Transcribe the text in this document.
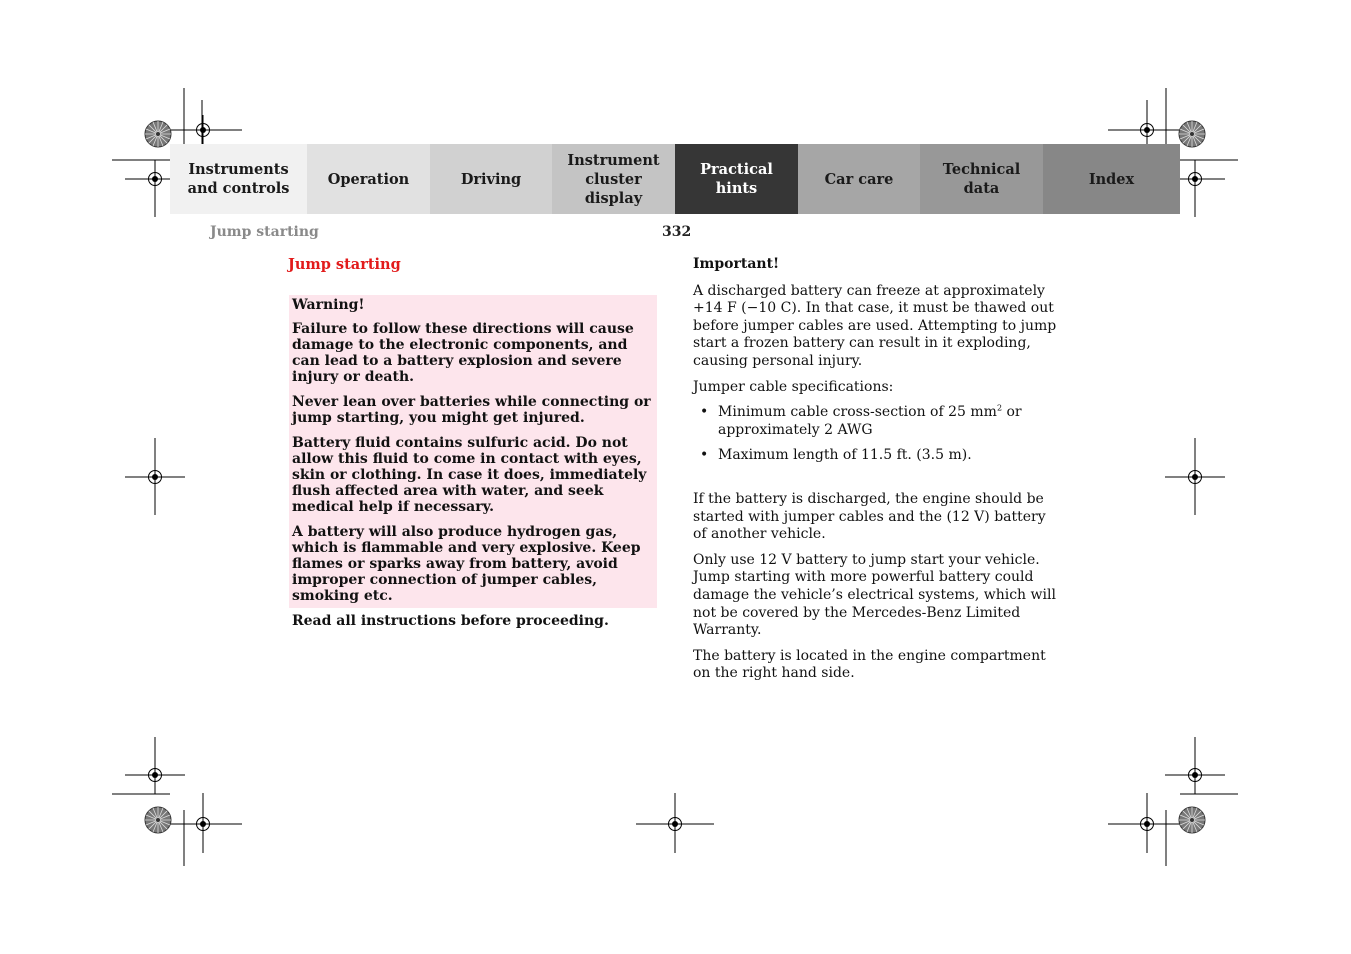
Instruments
and controls
Operation	Driving
Instrument
cluster display
Practical hints
Car care
Technical
data
Index
Jump starting	332
Jump starting

Warning!

Failure to follow these directions will cause damage to the electronic components, and can lead to a battery explosion and severe injury or death.

Never lean over batteries while connecting or jump starting, you might get injured.

Battery fluid contains sulfuric acid. Do not allow this fluid to come in contact with eyes, skin or clothing. In case it does, immediately flush affected area with water, and seek medical help if necessary.

A battery will also produce hydrogen gas, which is flammable and very explosive. Keep flames or sparks away from battery, avoid improper connection of jumper cables, smoking etc.

Read all instructions before proceeding.

Important!

A discharged battery can freeze at approximately +14 F (−10 C). In that case, it must be thawed out before jumper cables are used. Attempting to jump start a frozen battery can result in it exploding, causing personal injury.

Jumper cable specifications:

• Minimum cable cross-section of 25 $mm^2$ or approximately 2 AWG
• Maximum length of 11.5 ft. (3.5 m).

If the battery is discharged, the engine should be started with jumper cables and the (12 V) battery of another vehicle.

Only use 12 V battery to jump start your vehicle. Jump starting with more powerful battery could damage the vehicle’s electrical systems, which will not be covered by the Mercedes-Benz Limited Warranty.

The battery is located in the engine compartment on the right hand side.
